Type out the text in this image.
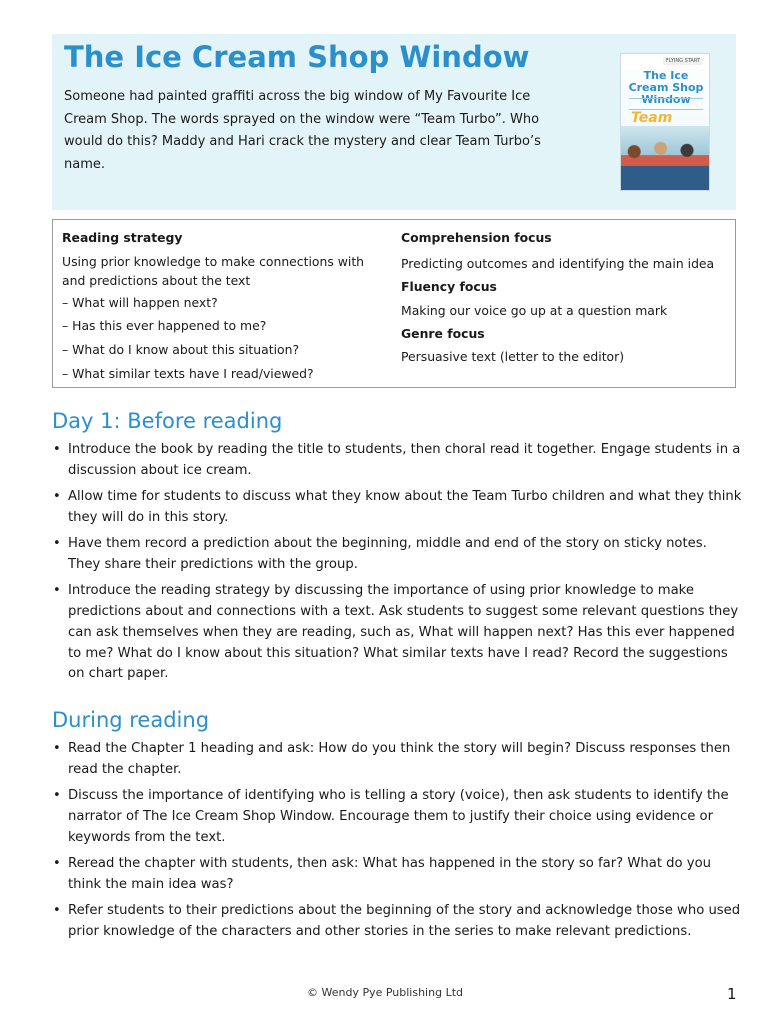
The Ice Cream Shop Window

Someone had painted graffiti across the big window of My Favourite Ice Cream Shop. The words sprayed on the window were “Team Turbo”. Who would do this? Maddy and Hari crack the mystery and clear Team Turbo’s name.

FLYING START
The Ice Cream Shop Window
Team
Reading strategy
Using prior knowledge to make connections with and predictions about the text
– What will happen next?
– Has this ever happened to me?
– What do I know about this situation?
– What similar texts have I read/viewed?
Comprehension focus
Predicting outcomes and identifying the main idea
Fluency focus
Making our voice go up at a question mark
Genre focus
Persuasive text (letter to the editor)
Day 1: Before reading
• Introduce the book by reading the title to students, then choral read it together. Engage students in a discussion about ice cream.
• Allow time for students to discuss what they know about the Team Turbo children and what they think they will do in this story.
• Have them record a prediction about the beginning, middle and end of the story on sticky notes. They share their predictions with the group.
• Introduce the reading strategy by discussing the importance of using prior knowledge to make predictions about and connections with a text. Ask students to suggest some relevant questions they can ask themselves when they are reading, such as, What will happen next? Has this ever happened to me? What do I know about this situation? What similar texts have I read? Record the suggestions on chart paper.
During reading
• Read the Chapter 1 heading and ask: How do you think the story will begin? Discuss responses then read the chapter.
• Discuss the importance of identifying who is telling a story (voice), then ask students to identify the narrator of The Ice Cream Shop Window. Encourage them to justify their choice using evidence or keywords from the text.
• Reread the chapter with students, then ask: What has happened in the story so far? What do you think the main idea was?
• Refer students to their predictions about the beginning of the story and acknowledge those who used prior knowledge of the characters and other stories in the series to make relevant predictions.
© Wendy Pye Publishing Ltd	1
